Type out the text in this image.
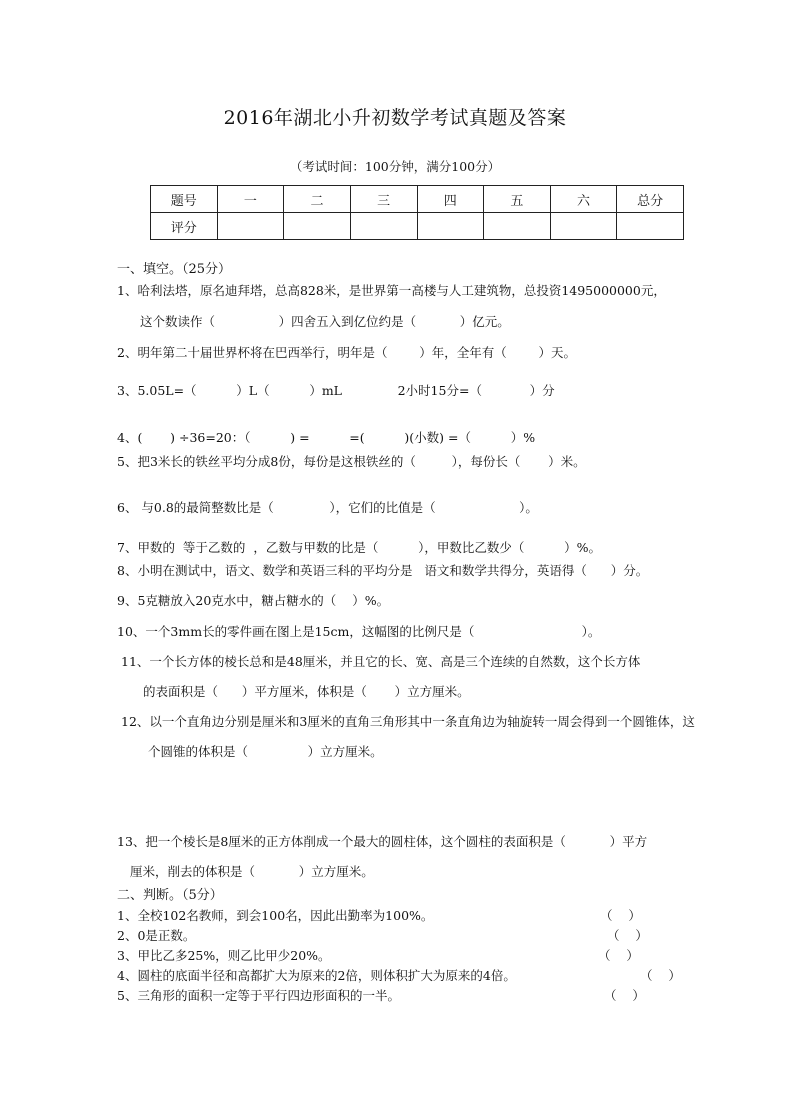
2016年湖北小升初数学考试真题及答案
（考试时间：100分钟，满分100分）
题号	一	二	三	四	五	六	总分
评分							
一、填空。（25分）
1、哈利法塔，原名迪拜塔，总高828米，是世界第一高楼与人工建筑物，总投资1495000000元，
这个数读作（                ）四舍五入到亿位约是（           ）亿元。
2、明年第二十届世界杯将在巴西举行，明年是（        ）年，全年有（        ）天。
3、5.05L=（          ）L（          ）mL              2小时15分=（            ）分
4、(       ) ÷36=20：（          ) =          =(          )(小数) =（          ）%
5、把3米长的铁丝平均分成8份，每份是这根铁丝的（         ），每份长（       ）米。
6、 与0.8的最简整数比是（              ），它们的比值是（                     ）。
7、甲数的  等于乙数的  ，乙数与甲数的比是（          ），甲数比乙数少（          ）%。
8、小明在测试中，语文、数学和英语三科的平均分是   语文和数学共得分，英语得（      ）分。
9、5克糖放入20克水中，糖占糖水的（    ）%。
10、一个3mm长的零件画在图上是15cm，这幅图的比例尺是（                           ）。
11、一个长方体的棱长总和是48厘米，并且它的长、宽、高是三个连续的自然数，这个长方体
的表面积是（      ）平方厘米，体积是（       ）立方厘米。
12、以一个直角边分别是厘米和3厘米的直角三角形其中一条直角边为轴旋转一周会得到一个圆锥体，这
个圆锥的体积是（               ）立方厘米。
13、把一个棱长是8厘米的正方体削成一个最大的圆柱体，这个圆柱的表面积是（           ）平方
厘米，削去的体积是（           ）立方厘米。
二、判断。（5分）
1、全校102名教师，到会100名，因此出勤率为100%。	（    ）
2、0是正数。	（    ）
3、甲比乙多25%，则乙比甲少20%。	（    ）
4、圆柱的底面半径和高都扩大为原来的2倍，则体积扩大为原来的4倍。	（    ）
5、三角形的面积一定等于平行四边形面积的一半。	（    ）
